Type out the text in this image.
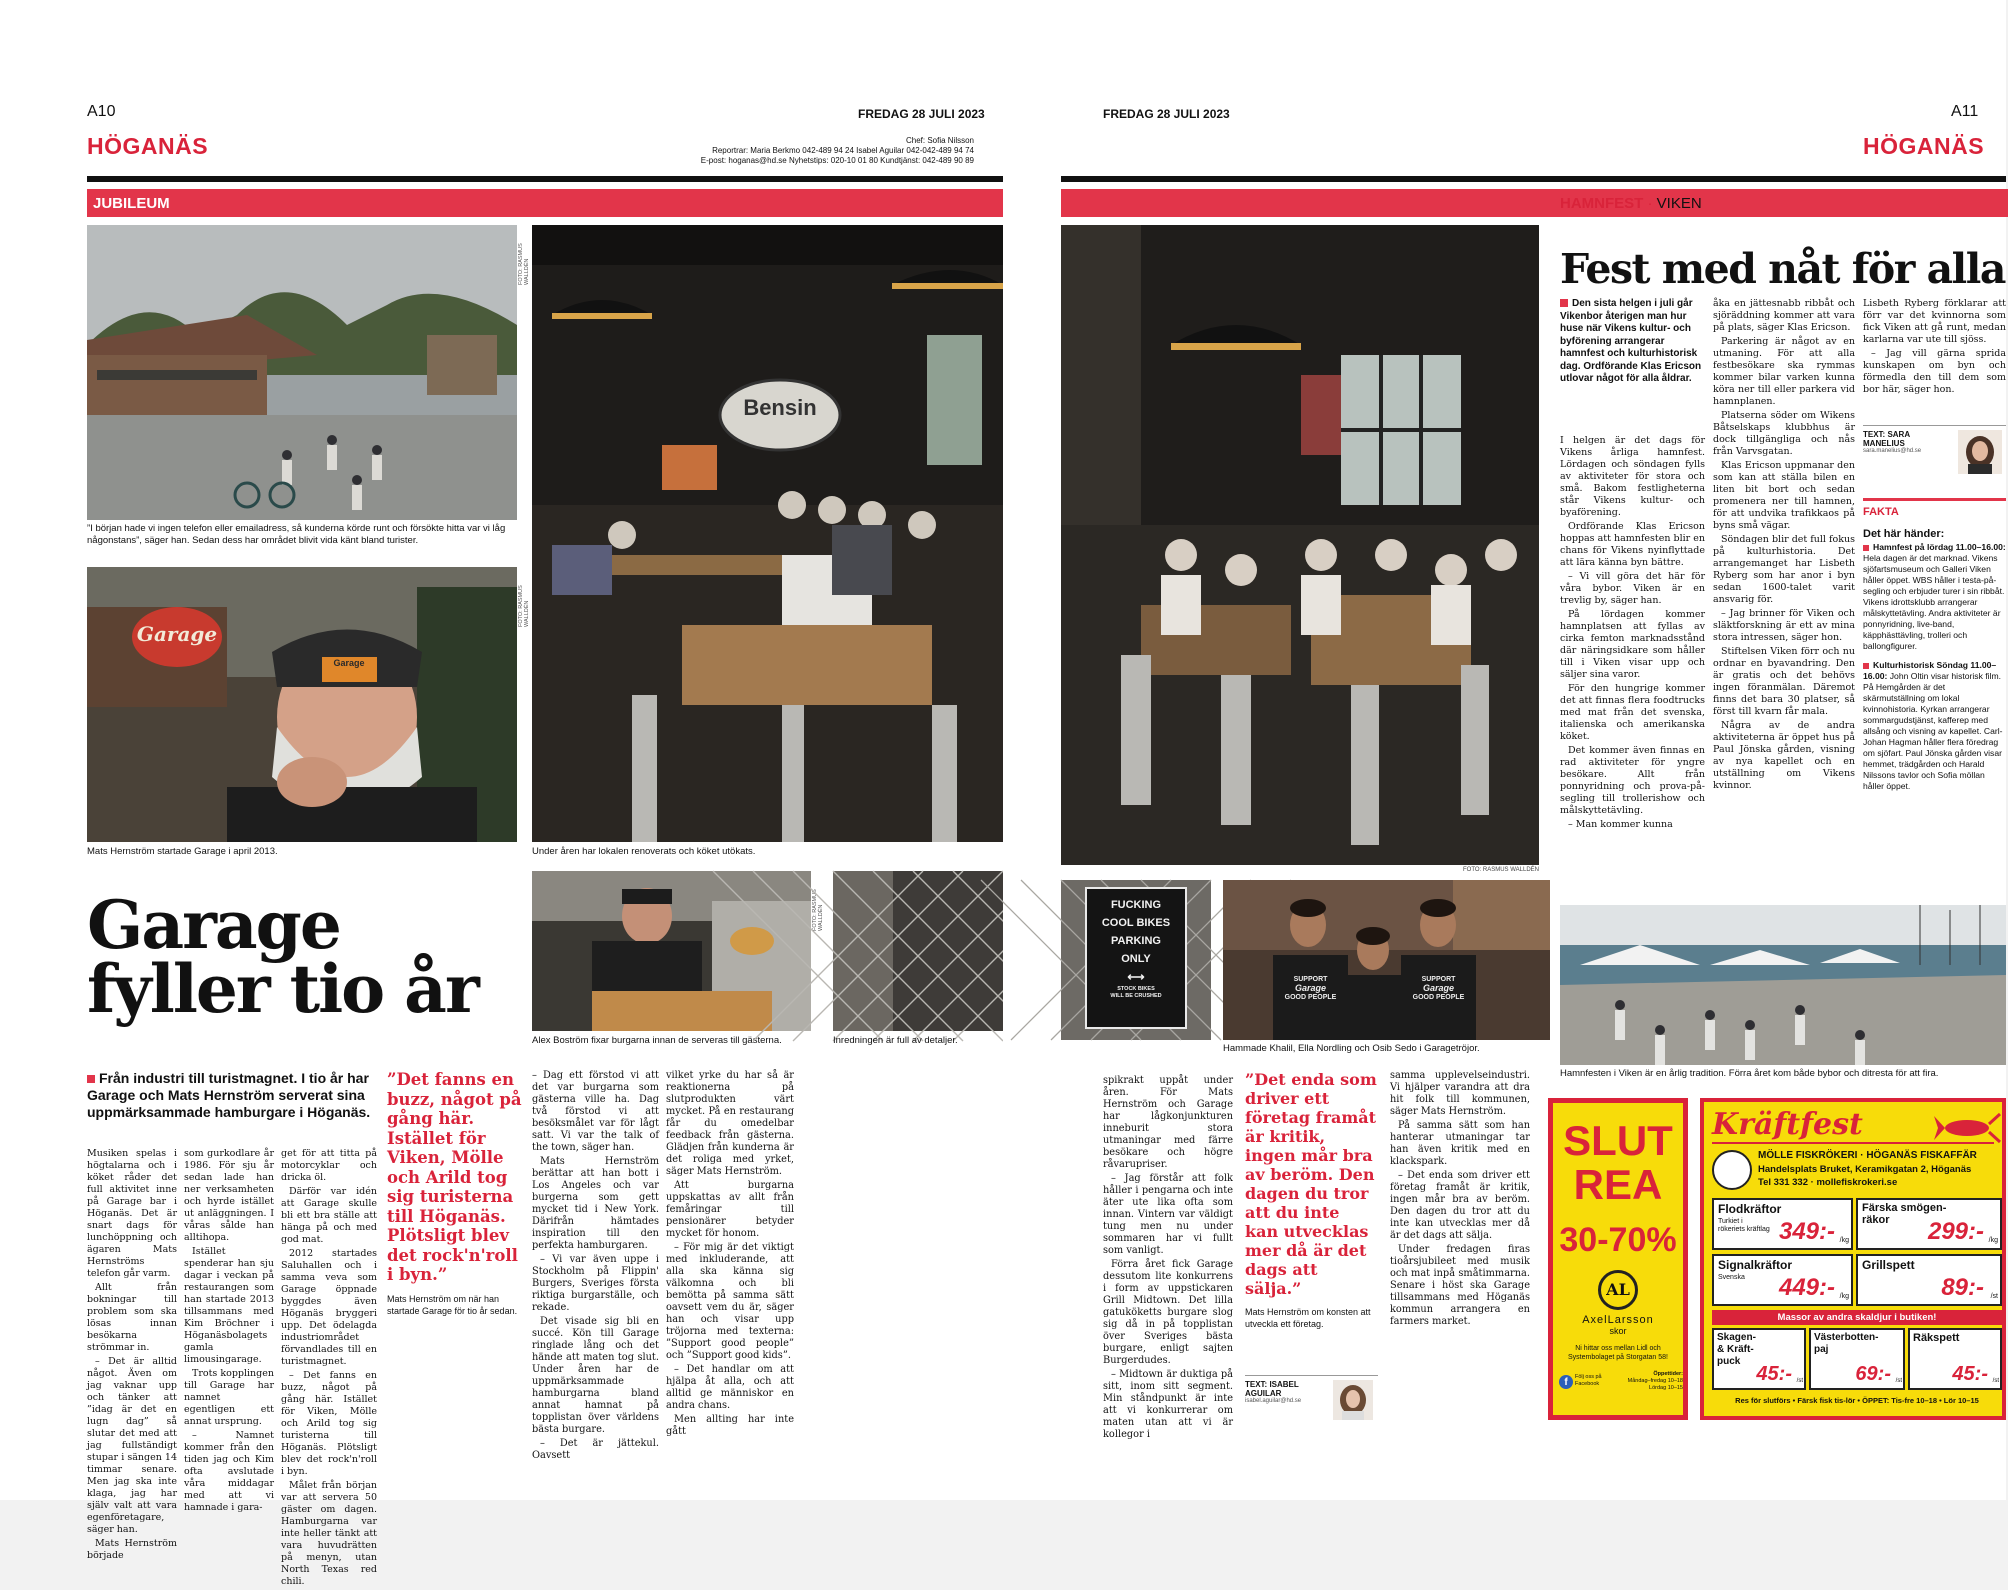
A10	FREDAG 28 JULI 2023
HÖGANÄS	Chef: Sofia Nilsson
Reportrar: Maria Berkmo 042-489 94 24 Isabel Aguilar 042-042-489 94 74
E-post: hoganas@hd.se Nyhetstips: 020-10 01 80 Kundtjänst: 042-489 90 89
JUBILEUM
FOTO: RASMUS WALLDÉN
”I början hade vi ingen telefon eller emailadress, så kunderna körde runt och försökte hitta var vi låg någonstans”, säger han. Sedan dess har området blivit vida känt bland turister.
Garage
Garage
FOTO: RASMUS WALLDÉN
Mats Hernström startade Garage i april 2013.
Bensin
Under åren har lokalen renoverats och köket utökats.
FOTO: RASMUS WALLDÉN
Alex Boström fixar burgarna innan de serveras till gästerna.	Inredningen är full av detaljer.
Garage
fyller tio år
Från industri till turistmagnet. I tio år har Garage och Mats Hernström serverat sina uppmärksammade hamburgare i Höganäs.

Musiken spelas i högtalarna och i köket råder det full aktivitet inne på Garage bar i Höganäs. Det är snart dags för lunchöppning och ägaren Mats Hernströms telefon går varm.

Allt från bokningar till problem som ska lösas innan besökarna strömmar in.

– Det är alltid något. Även om jag vaknar upp och tänker att ”idag är det en lugn dag” så slutar det med att jag fullständigt stupar i sängen 14 timmar senare. Men jag ska inte klaga, jag har själv valt att vara egenföretagare, säger han.

Mats Hernström började

som gurkodlare år 1986. För sju år sedan lade han ner verksamheten och hyrde istället ut anläggningen. I våras sålde han alltihopa.

Istället spenderar han sju dagar i veckan på restaurangen som han startade 2013 tillsammans med Kim Bröchner i Höganäsbolagets gamla limousingarage.

Trots kopplingen till Garage har namnet egentligen ett annat ursprung.

– Namnet kommer från den tiden jag och Kim ofta avslutade våra middagar med att vi hamnade i gara-

get för att titta på motorcyklar och dricka öl.

Därför var idén att Garage skulle bli ett bra ställe att hänga på och med god mat.

2012 startades Saluhallen och i samma veva som Garage öppnade byggdes även Höganäs bryggeri upp. Det ödelagda industriområdet förvandlades till en turistmagnet.

– Det fanns en buzz, något på gång här. Istället för Viken, Mölle och Arild tog sig turisterna till Höganäs. Plötsligt blev det rock'n'roll i byn.

Målet från början var att servera 50 gäster om dagen. Hamburgarna var inte heller tänkt att vara huvudrätten på menyn, utan North Texas red chili.

”Det fanns en buzz, något på gång här. Istället för Viken, Mölle och Arild tog sig turisterna till Höganäs. Plötsligt blev det rock'n'roll i byn.”
Mats Hernström om när han startade Garage för tio år sedan.

– Dag ett förstod vi att det var burgarna som gästerna ville ha. Dag två förstod vi att besöksmålet var för lågt satt. Vi var the talk of the town, säger han.

Mats Hernström berättar att han bott i Los Angeles och var burgerna som gett mycket tid i New York. Därifrån hämtades inspiration till den perfekta hamburgaren.

– Vi var även uppe i Stockholm på Flippin' Burgers, Sveriges första riktiga burgarställe, och rekade.

Det visade sig bli en succé. Kön till Garage ringlade lång och det hände att maten tog slut. Under åren har de uppmärksammade hamburgarna bland annat hamnat på topplistan över världens bästa burgare.

– Det är jättekul. Oavsett

vilket yrke du har så är reaktionerna på slutprodukten värt mycket. På en restaurang får du omedelbar feedback från gästerna. Glädjen från kunderna är det roliga med yrket, säger Mats Hernström.

Att burgarna uppskattas av allt från femåringar till pensionärer betyder mycket för honom.

– För mig är det viktigt med inkluderande, att alla ska känna sig välkomna och bli bemötta på samma sätt oavsett vem du är, säger han och visar upp tröjorna med texterna: ”Support good people” och ”Support good kids”.

– Det handlar om att hjälpa åt alla, och att alltid ge människor en andra chans.

Men allting har inte gått

FREDAG 28 JULI 2023	A11
HÖGANÄS
FOTO: RASMUS WALLDÉN
HAMNFEST · VIKEN
Fest med nåt för alla
Den sista helgen i juli går Vikenbor återigen man hur huse när Vikens kultur- och byförening arrangerar hamnfest och kulturhistorisk dag. Ordförande Klas Ericson utlovar något för alla åldrar.

I helgen är det dags för Vikens årliga hamnfest. Lördagen och söndagen fylls av aktiviteter för stora och små. Bakom festligheterna står Vikens kultur- och byaförening.

Ordförande Klas Ericson hoppas att hamnfesten blir en chans för Vikens nyinflyttade att lära känna byn bättre.

– Vi vill göra det här för våra bybor. Viken är en trevlig by, säger han.

På lördagen kommer hamnplatsen att fyllas av cirka femton marknadsstånd där näringsidkare som håller till i Viken visar upp och säljer sina varor.

För den hungrige kommer det att finnas flera foodtrucks med mat från det svenska, italienska och amerikanska köket.

Det kommer även finnas en rad aktiviteter för yngre besökare. Allt från ponnyridning och prova-på-segling till trollerishow och målskyttetävling.

– Man kommer kunna

åka en jättesnabb ribbåt och sjöräddning kommer att vara på plats, säger Klas Ericson.

Parkering är något av en utmaning. För att alla festbesökare ska rymmas kommer bilar varken kunna köra ner till eller parkera vid hamnplanen.

Platserna söder om Wikens Båtselskaps klubbhus är dock tillgängliga och nås från Varvsgatan.

Klas Ericson uppmanar den som kan att ställa bilen en liten bit bort och sedan promenera ner till hamnen, för att undvika trafikkaos på byns små vägar.

Söndagen blir det full fokus på kulturhistoria. Det arrangemanget har Lisbeth Ryberg som har anor i byn sedan 1600-talet varit ansvarig för.

– Jag brinner för Viken och släktforskning är ett av mina stora intressen, säger hon.

Stiftelsen Viken förr och nu ordnar en byavandring. Den är gratis och det behövs ingen föranmälan. Däremot finns det bara 30 platser, så först till kvarn får mala.

Några av de andra aktiviteterna är öppet hus på Paul Jönska gården, visning av nya kapellet och en utställning om Vikens kvinnor.

Lisbeth Ryberg förklarar att förr var det kvinnorna som fick Viken att gå runt, medan karlarna var ute till sjöss.

– Jag vill gärna sprida kunskapen om byn och förmedla den till dem som bor här, säger hon.

TEXT: SARA MANELIUS
sara.manelius@hd.se
FAKTA
Det här händer:
Hamnfest på lördag 11.00–16.00: Hela dagen är det marknad. Vikens sjöfartsmuseum och Galleri Viken håller öppet. WBS håller i testa-på-segling och erbjuder turer i sin ribbåt. Vikens idrottsklubb arrangerar målskyttetävling. Andra aktiviteter är ponnyridning, live-band, käpphästtävling, trolleri och ballongfigurer.
Kulturhistorisk Söndag 11.00–16.00: John Oltin visar historisk film. På Hemgården är det skärmutställning om lokal kvinnohistoria. Kyrkan arrangerar sommargudstjänst, kafferep med allsång och visning av kapellet. Carl-Johan Hagman håller flera föredrag om sjöfart. Paul Jönska gården visar hemmet, trädgården och Harald Nilssons tavlor och Sofia möllan håller öppet.
FUCKING
COOL BIKES
PARKING
ONLY
⟷
STOCK BIKES
WILL BE CRUSHED
SUPPORT
Garage
GOOD PEOPLE
SUPPORT
Garage
GOOD PEOPLE
Hammade Khalil, Ella Nordling och Osib Sedo i Garagetröjor.
Hamnfesten i Viken är en årlig tradition. Förra året kom både bybor och ditresta för att fira.

spikrakt uppåt under åren. För Mats Hernström och Garage har lågkonjunkturen inneburit stora utmaningar med färre besökare och högre råvarupriser.

– Jag förstår att folk håller i pengarna och inte äter ute lika ofta som innan. Vintern var väldigt tung men nu under sommaren har vi fullt som vanligt.

Förra året fick Garage dessutom lite konkurrens i form av uppstickaren Grill Midtown. Det lilla gatuköketts burgare slog sig då in på topplistan över Sveriges bästa burgare, enligt sajten Burgerdudes.

– Midtown är duktiga på sitt, inom sitt segment. Min ståndpunkt är inte att vi konkurrerar om maten utan att vi är kollegor i

”Det enda som driver ett företag framåt är kritik, ingen mår bra av beröm. Den dagen du tror att du inte kan utvecklas mer då är det dags att sälja.”
Mats Hernström om konsten att utveckla ett företag.
TEXT: ISABEL AGUILAR
isabel.aguilar@hd.se

samma upplevelseindustri. Vi hjälper varandra att dra hit folk till kommunen, säger Mats Hernström.

På samma sätt som han hanterar utmaningar tar han även kritik med en klackspark.

– Det enda som driver ett företag framåt är kritik, ingen mår bra av beröm. Den dagen du tror att du inte kan utvecklas mer då är det dags att sälja.

Under fredagen firas tioårsjubileet med musik och mat inpå småtimmarna. Senare i höst ska Garage tillsammans med Höganäs kommun arrangera en farmers market.

SLUT
REA
30-70%
AL
AxelLarsson
skor
Ni hittar oss mellan Lidl och Systembolaget på Storgatan 58!
f	Följ oss på Facebook
Öppettider:
Måndag–fredag 10–18 Lördag 10–15
Kräftfest
MÖLLE FISKRÖKERI · HÖGANÄS FISKAFFÄR
Handelsplats Bruket, Keramikgatan 2, Höganäs
Tel 331 332 · mollefiskrokeri.se
Flodkräftor
Turkiet i rökeriets kräftlag 349:- /kg
Färska smögen-räkor	299:- /kg
Signalkräftor
Svenska	449:- /kg
Grillspett
89:- /st
Massor av andra skaldjur i butiken!
Skagen- & Kräft-puck
45:- /st
Västerbotten-paj
69:- /st
Räkspett
45:- /st
Res för slutförs • Färsk fisk tis-lör • ÖPPET: Tis-fre 10–18 • Lör 10–15
